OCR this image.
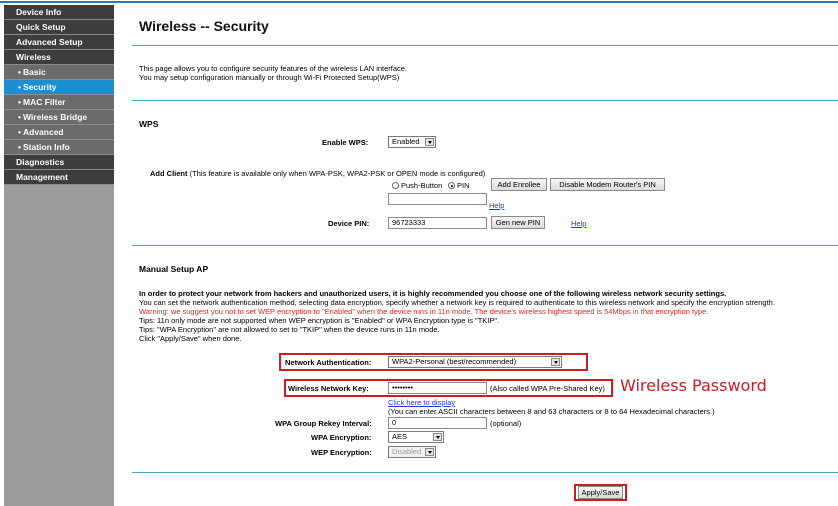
Device Info
Quick Setup
Advanced Setup
Wireless
• Basic
• Security
• MAC Filter
• Wireless Bridge
• Advanced
• Station Info
Diagnostics
Management
Wireless -- Security
This page allows you to configure security features of the wireless LAN interface.
You may setup configuration manually or through Wi-Fi Protected Setup(WPS)
WPS
Enable WPS:	Enabled
Add Client (This feature is available only when WPA-PSK, WPA2-PSK or OPEN mode is configured)
Push-Button	PIN	Add Enrollee	Disable Modem Router's PIN
Help
Device PIN:	96723333	Gen new PIN	Help
Manual Setup AP
In order to protect your network from hackers and unauthorized users, it is highly recommended you choose one of the following wireless network security settings.
You can set the network authentication method, selecting data encryption, specify whether a network key is required to authenticate to this wireless network and specify the encryption strength.
Warning: we suggest you not to set WEP encryption to "Enabled" when the device runs in 11n mode. The device's wireless highest speed is 54Mbps in that encryption type.
Tips: 11n only mode are not supported when WEP encryption is "Enabled" or WPA Encryption type is "TKIP".
Tips: "WPA Encryption" are not allowed to set to "TKIP" when the device runs in 11n mode.
Click "Apply/Save" when done.
Network Authentication:	WPA2-Personal (best/recommended)
Wireless Network Key:	••••••••	(Also called WPA Pre-Shared Key) Wireless Password
Click here to display
(You can enter ASCII characters between 8 and 63 characters or 8 to 64 Hexadecimal characters.)
WPA Group Rekey Interval:	0	(optional)
WPA Encryption:	AES
WEP Encryption:	Disabled
Apply/Save
